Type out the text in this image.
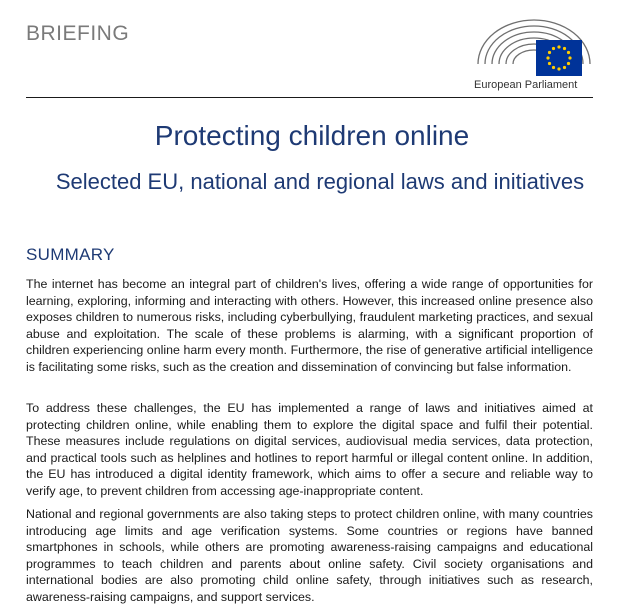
BRIEFING
European Parliament
Protecting children online
Selected EU, national and regional laws and initiatives
SUMMARY
The internet has become an integral part of children's lives, offering a wide range of opportunities for learning, exploring, informing and interacting with others. However, this increased online presence also exposes children to numerous risks, including cyberbullying, fraudulent marketing practices, and sexual abuse and exploitation. The scale of these problems is alarming, with a significant proportion of children experiencing online harm every month. Furthermore, the rise of generative artificial intelligence is facilitating some risks, such as the creation and dissemination of convincing but false information.
To address these challenges, the EU has implemented a range of laws and initiatives aimed at protecting children online, while enabling them to explore the digital space and fulfil their potential. These measures include regulations on digital services, audiovisual media services, data protection, and practical tools such as helplines and hotlines to report harmful or illegal content online. In addition, the EU has introduced a digital identity framework, which aims to offer a secure and reliable way to verify age, to prevent children from accessing age-inappropriate content.
National and regional governments are also taking steps to protect children online, with many countries introducing age limits and age verification systems. Some countries or regions have banned smartphones in schools, while others are promoting awareness-raising campaigns and educational programmes to teach children and parents about online safety. Civil society organisations and international bodies are also promoting child online safety, through initiatives such as research, awareness-raising campaigns, and support services.
